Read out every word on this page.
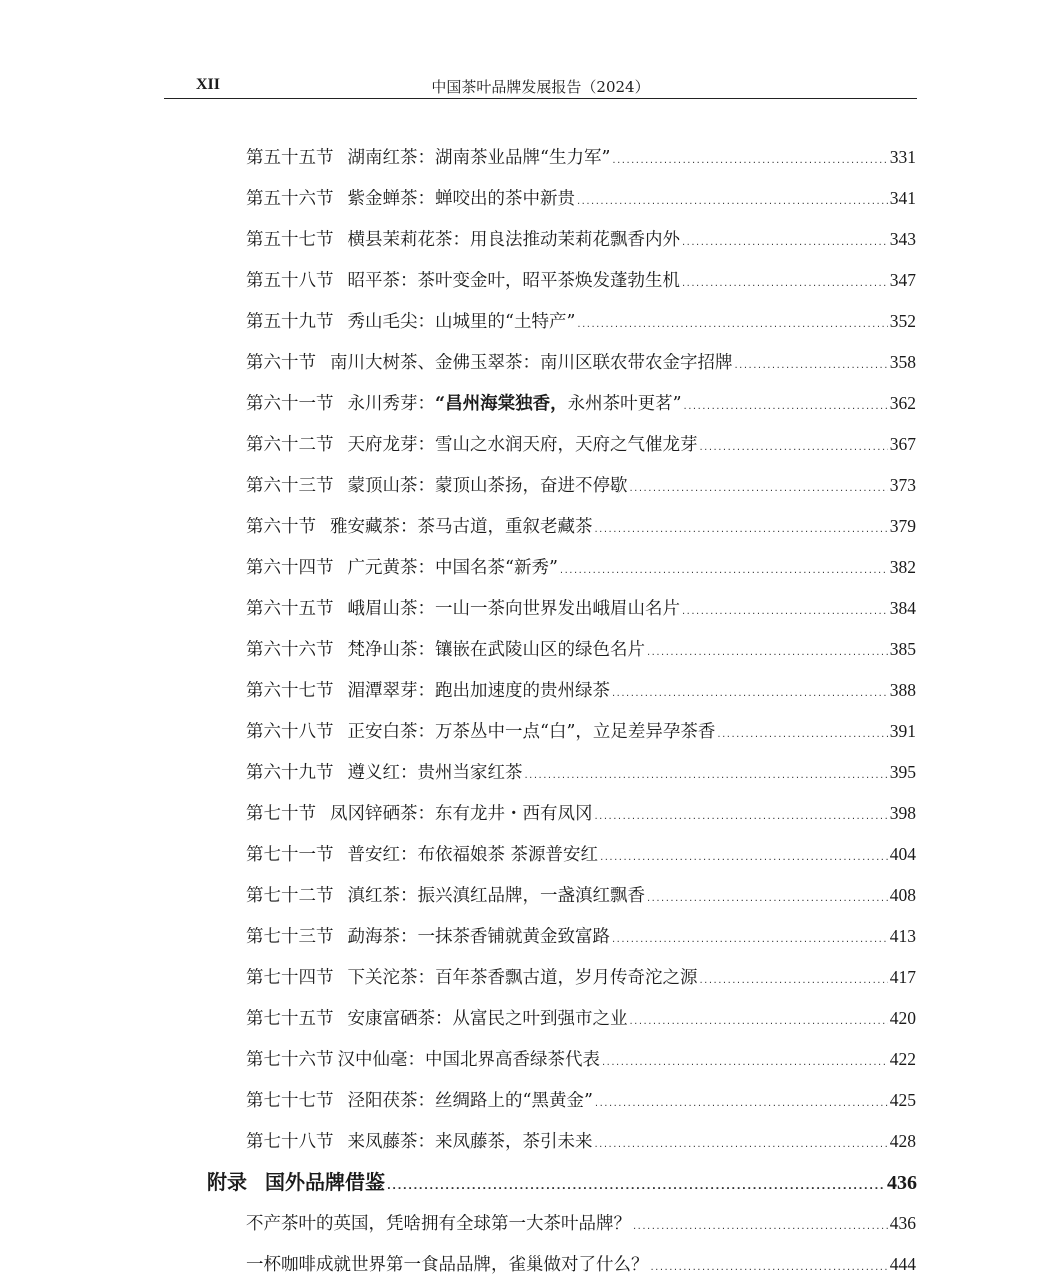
XII	中国茶叶品牌发展报告（2024）
第五十五节 湖南红茶：湖南茶业品牌“生力军” .....	331
第五十六节 紫金蝉茶：蝉咬出的茶中新贵 .....	341
第五十七节 横县茉莉花茶：用良法推动茉莉花飘香内外 .....	343
第五十八节 昭平茶：茶叶变金叶，昭平茶焕发蓬勃生机 .....	347
第五十九节 秀山毛尖：山城里的“土特产” .....	352
第六十节 南川大树茶、金佛玉翠茶：南川区联农带农金字招牌 .....	358
第六十一节 永川秀芽：“昌州海棠独香，永州茶叶更茗” .....	362
第六十二节 天府龙芽：雪山之水润天府，天府之气催龙芽 .....	367
第六十三节 蒙顶山茶：蒙顶山茶扬，奋进不停歇 .....	373
第六十节 雅安藏茶：茶马古道，重叙老藏茶 .....	379
第六十四节 广元黄茶：中国名茶“新秀” .....	382
第六十五节 峨眉山茶：一山一茶向世界发出峨眉山名片 .....	384
第六十六节 梵净山茶：镶嵌在武陵山区的绿色名片 .....	385
第六十七节 湄潭翠芽：跑出加速度的贵州绿茶 .....	388
第六十八节 正安白茶：万茶丛中一点“白”，立足差异孕茶香 .....	391
第六十九节 遵义红：贵州当家红茶 .....	395
第七十节 凤冈锌硒茶：东有龙井・西有凤冈 .....	398
第七十一节 普安红：布依福娘茶 茶源普安红 .....	404
第七十二节 滇红茶：振兴滇红品牌，一盏滇红飘香 .....	408
第七十三节 勐海茶：一抹茶香铺就黄金致富路 .....	413
第七十四节 下关沱茶：百年茶香飘古道，岁月传奇沱之源 .....	417
第七十五节 安康富硒茶：从富民之叶到强市之业 .....	420
第七十六节 汉中仙毫：中国北界高香绿茶代表 .....	422
第七十七节 泾阳茯茶：丝绸路上的“黑黄金” .....	425
第七十八节 来凤藤茶：来凤藤茶，茶引未来 .....	428
附录 国外品牌借鉴 .....	436
不产茶叶的英国，凭啥拥有全球第一大茶叶品牌？ .....	436
一杯咖啡成就世界第一食品品牌，雀巢做对了什么？ .....	444
